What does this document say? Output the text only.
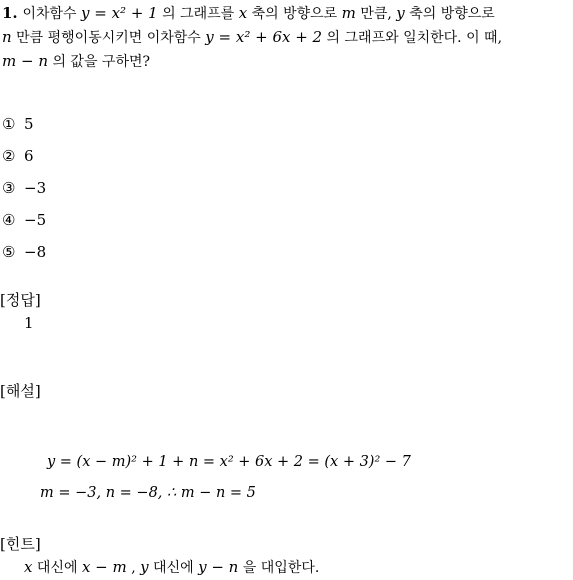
1. 이차함수 y = x² + 1 의 그래프를 x 축의 방향으로 m 만큼, y 축의 방향으로
n 만큼 평행이동시키면 이차함수 y = x² + 6x + 2 의 그래프와 일치한다. 이 때,
m − n 의 값을 구하면?
① 5
② 6
③ −3
④ −5
⑤ −8
[정답]
1
[해설]
y = (x − m)² + 1 + n = x² + 6x + 2 = (x + 3)² − 7
m = −3, n = −8, ∴ m − n = 5
[힌트]
x 대신에 x − m , y 대신에 y − n 을 대입한다.
